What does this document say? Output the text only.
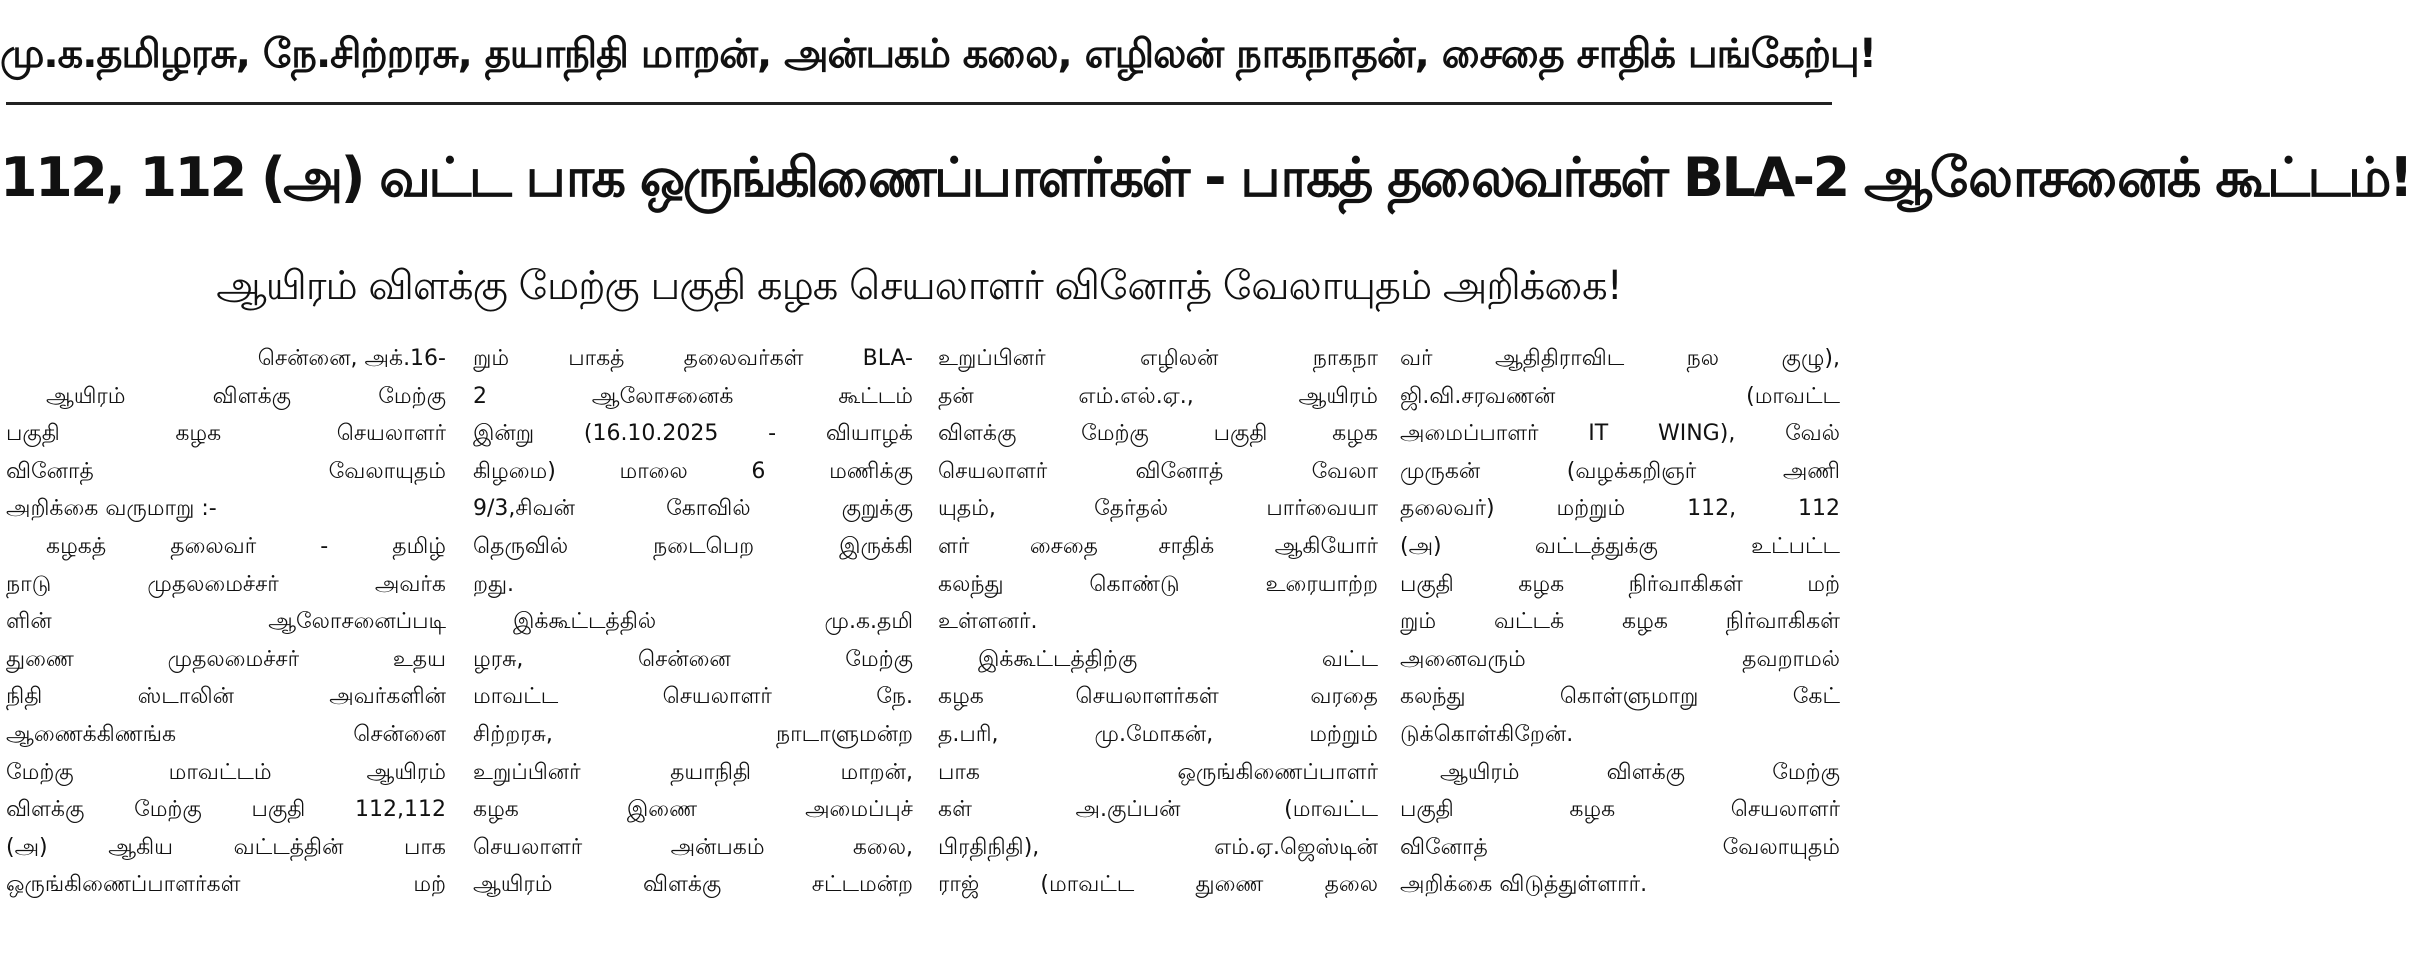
மு.க.தமிழரசு, நே.சிற்றரசு, தயாநிதி மாறன், அன்பகம் கலை, எழிலன் நாகநாதன், சைதை சாதிக் பங்கேற்பு!
112, 112 (அ) வட்ட பாக ஒருங்கிணைப்பாளர்கள் - பாகத் தலைவர்கள் BLA-2 ஆலோசனைக் கூட்டம்!
ஆயிரம் விளக்கு மேற்கு பகுதி கழக செயலாளர் வினோத் வேலாயுதம் அறிக்கை!
சென்னை, அக்.16-
ஆயிரம் விளக்கு மேற்கு
பகுதி கழக செயலாளர்
வினோத் வேலாயுதம்
அறிக்கை வருமாறு :-
கழகத் தலைவர் - தமிழ்
நாடு முதலமைச்சர் அவர்க
ளின் ஆலோசனைப்படி
துணை முதலமைச்சர் உதய
நிதி ஸ்டாலின் அவர்களின்
ஆணைக்கிணங்க சென்னை
மேற்கு மாவட்டம் ஆயிரம்
விளக்கு மேற்கு பகுதி 112,112
(அ) ஆகிய வட்டத்தின் பாக
ஒருங்கிணைப்பாளர்கள் மற்
றும் பாகத் தலைவர்கள் BLA-
2 ஆலோசனைக் கூட்டம்
இன்று (16.10.2025 - வியாழக்
கிழமை) மாலை 6 மணிக்கு
9/3,சிவன் கோவில் குறுக்கு
தெருவில் நடைபெற இருக்கி
றது.
இக்கூட்டத்தில் மு.க.தமி
ழரசு, சென்னை மேற்கு
மாவட்ட செயலாளர் நே.
சிற்றரசு, நாடாளுமன்ற
உறுப்பினர் தயாநிதி மாறன்,
கழக இணை அமைப்புச்
செயலாளர் அன்பகம் கலை,
ஆயிரம் விளக்கு சட்டமன்ற
உறுப்பினர் எழிலன் நாகநா
தன் எம்.எல்.ஏ., ஆயிரம்
விளக்கு மேற்கு பகுதி கழக
செயலாளர் வினோத் வேலா
யுதம், தேர்தல் பார்வையா
ளர் சைதை சாதிக் ஆகியோர்
கலந்து கொண்டு உரையாற்ற
உள்ளனர்.
இக்கூட்டத்திற்கு வட்ட
கழக செயலாளர்கள் வரதை
த.பரி, மு.மோகன், மற்றும்
பாக ஒருங்கிணைப்பாளர்
கள் அ.குப்பன் (மாவட்ட
பிரதிநிதி), எம்.ஏ.ஜெஸ்டின்
ராஜ் (மாவட்ட துணை தலை
வர் ஆதிதிராவிட நல குழு),
ஜி.வி.சரவணன் (மாவட்ட
அமைப்பாளர் IT WING), வேல்
முருகன் (வழக்கறிஞர் அணி
தலைவர்) மற்றும் 112, 112
(அ) வட்டத்துக்கு உட்பட்ட
பகுதி கழக நிர்வாகிகள் மற்
றும் வட்டக் கழக நிர்வாகிகள்
அனைவரும் தவறாமல்
கலந்து கொள்ளுமாறு கேட்
டுக்கொள்கிறேன்.
ஆயிரம் விளக்கு மேற்கு
பகுதி கழக செயலாளர்
வினோத் வேலாயுதம்
அறிக்கை விடுத்துள்ளார்.
